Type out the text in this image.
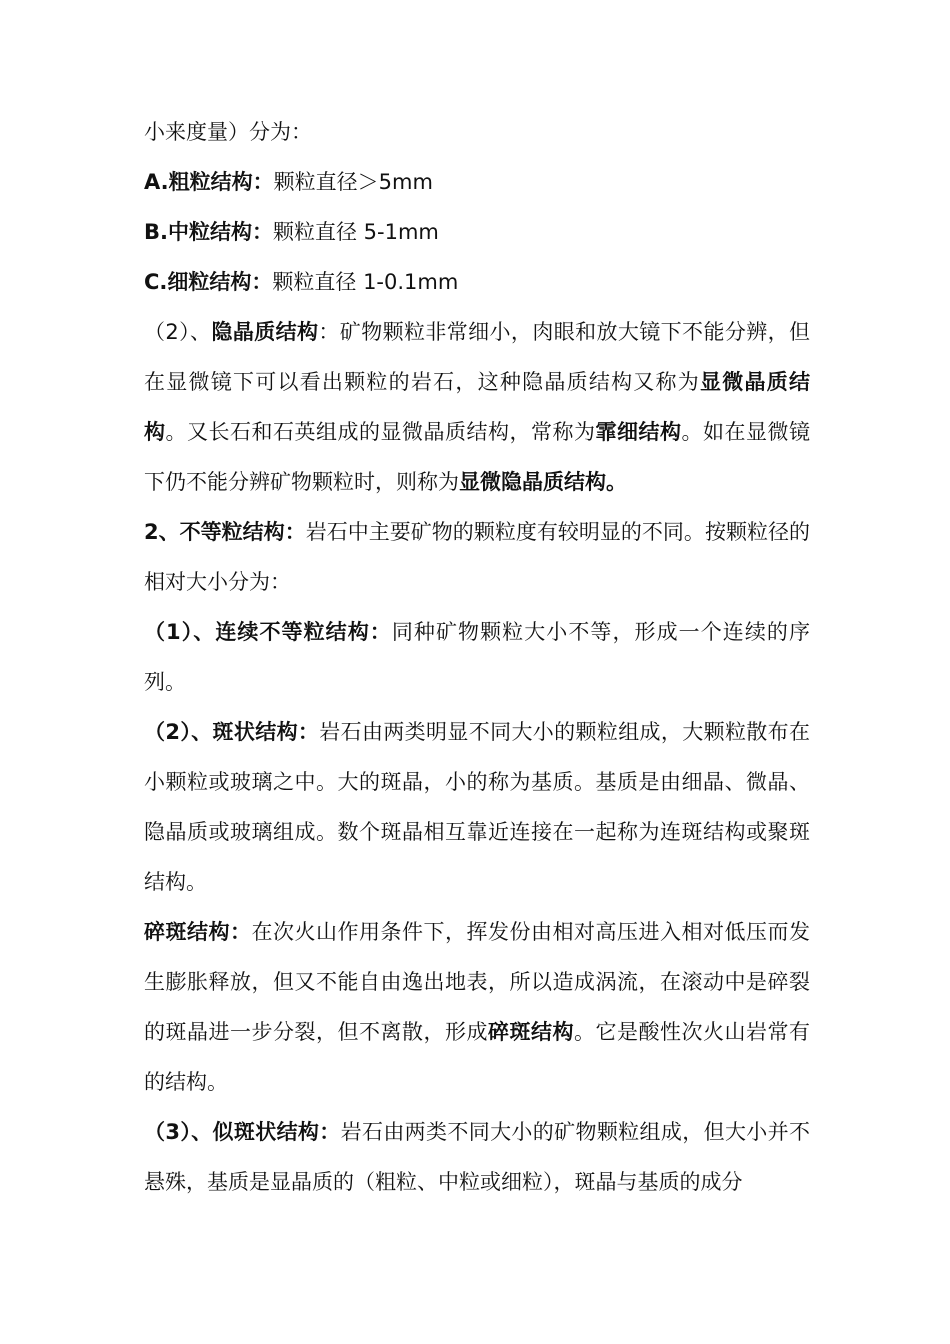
小来度量）分为：

A.粗粒结构：颗粒直径＞5mm

B.中粒结构：颗粒直径 5-1mm

C.细粒结构：颗粒直径 1-0.1mm

（2）、隐晶质结构：矿物颗粒非常细小，肉眼和放大镜下不能分辨，但在显微镜下可以看出颗粒的岩石，这种隐晶质结构又称为显微晶质结构。又长石和石英组成的显微晶质结构，常称为霏细结构。如在显微镜下仍不能分辨矿物颗粒时，则称为显微隐晶质结构。

2、不等粒结构：岩石中主要矿物的颗粒度有较明显的不同。按颗粒径的相对大小分为：

（1）、连续不等粒结构：同种矿物颗粒大小不等，形成一个连续的序列。

（2）、斑状结构：岩石由两类明显不同大小的颗粒组成，大颗粒散布在小颗粒或玻璃之中。大的斑晶，小的称为基质。基质是由细晶、微晶、隐晶质或玻璃组成。数个斑晶相互靠近连接在一起称为连斑结构或聚斑结构。

碎斑结构：在次火山作用条件下，挥发份由相对高压进入相对低压而发生膨胀释放，但又不能自由逸出地表，所以造成涡流，在滚动中是碎裂的斑晶进一步分裂，但不离散，形成碎斑结构。它是酸性次火山岩常有的结构。

（3）、似斑状结构：岩石由两类不同大小的矿物颗粒组成，但大小并不悬殊，基质是显晶质的（粗粒、中粒或细粒），斑晶与基质的成分
